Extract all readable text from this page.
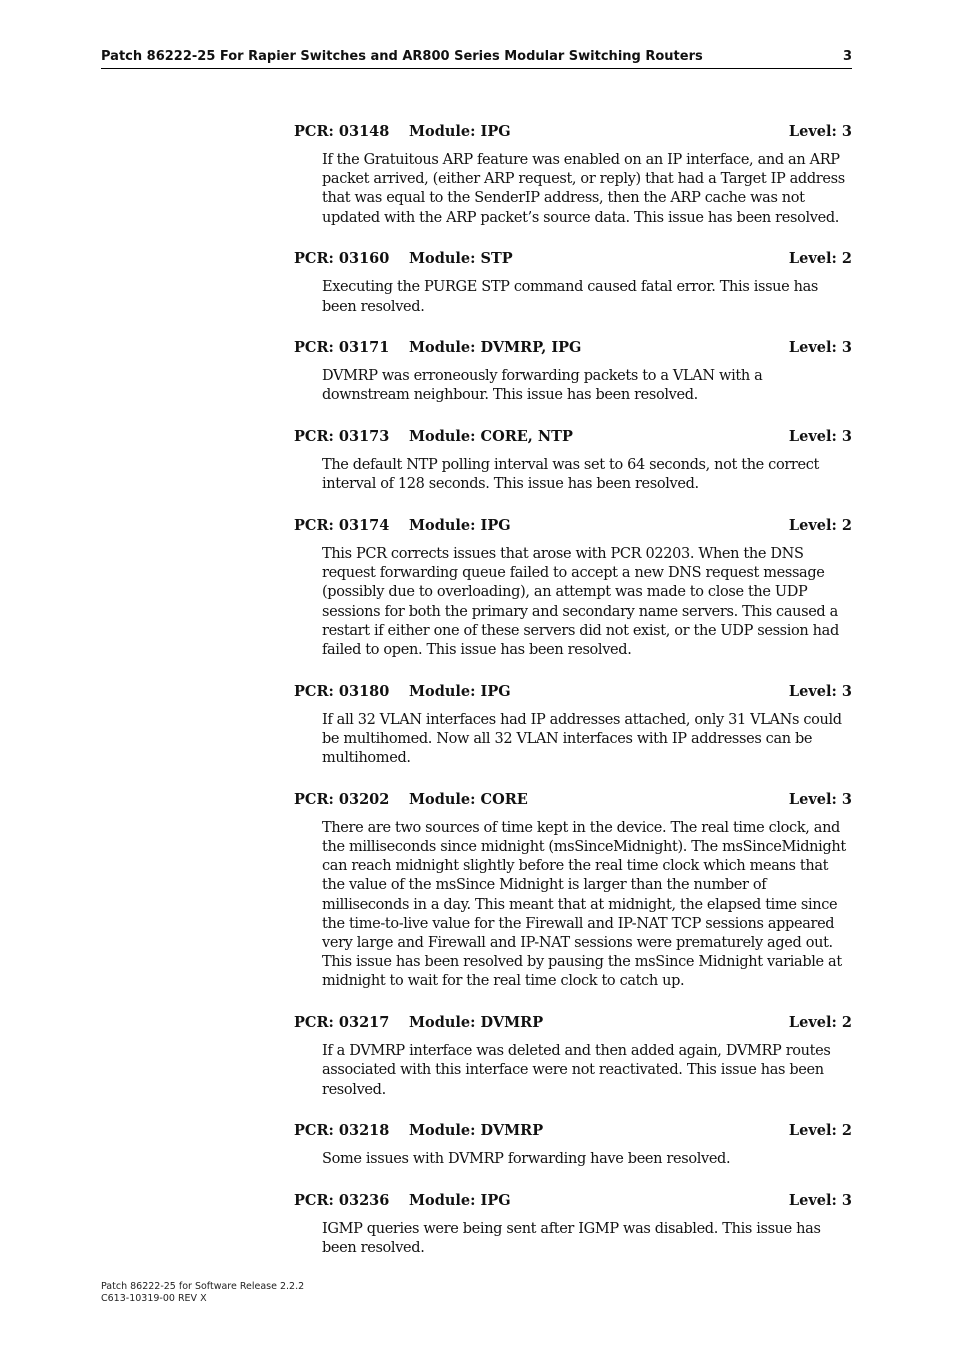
Patch 86222-25 For Rapier Switches and AR800 Series Modular Switching Routers	3
PCR: 03148 Module: IPG	Level: 3
If the Gratuitous ARP feature was enabled on an IP interface, and an ARP packet arrived, (either ARP request, or reply) that had a Target IP address that was equal to the SenderIP address, then the ARP cache was not updated with the ARP packet’s source data. This issue has been resolved.
PCR: 03160 Module: STP	Level: 2
Executing the PURGE STP command caused fatal error. This issue has been resolved.
PCR: 03171 Module: DVMRP, IPG	Level: 3
DVMRP was erroneously forwarding packets to a VLAN with a downstream neighbour. This issue has been resolved.
PCR: 03173 Module: CORE, NTP	Level: 3
The default NTP polling interval was set to 64 seconds, not the correct interval of 128 seconds. This issue has been resolved.
PCR: 03174 Module: IPG	Level: 2
This PCR corrects issues that arose with PCR 02203. When the DNS request forwarding queue failed to accept a new DNS request message (possibly due to overloading), an attempt was made to close the UDP sessions for both the primary and secondary name servers. This caused a restart if either one of these servers did not exist, or the UDP session had failed to open. This issue has been resolved.
PCR: 03180 Module: IPG	Level: 3
If all 32 VLAN interfaces had IP addresses attached, only 31 VLANs could be multihomed. Now all 32 VLAN interfaces with IP addresses can be multihomed.
PCR: 03202 Module: CORE	Level: 3
There are two sources of time kept in the device. The real time clock, and the milliseconds since midnight (msSinceMidnight). The msSinceMidnight can reach midnight slightly before the real time clock which means that the value of the msSince Midnight is larger than the number of milliseconds in a day. This meant that at midnight, the elapsed time since the time-to-live value for the Firewall and IP-NAT TCP sessions appeared very large and Firewall and IP-NAT sessions were prematurely aged out. This issue has been resolved by pausing the msSince Midnight variable at midnight to wait for the real time clock to catch up.
PCR: 03217 Module: DVMRP	Level: 2
If a DVMRP interface was deleted and then added again, DVMRP routes associated with this interface were not reactivated. This issue has been resolved.
PCR: 03218 Module: DVMRP	Level: 2
Some issues with DVMRP forwarding have been resolved.
PCR: 03236 Module: IPG	Level: 3
IGMP queries were being sent after IGMP was disabled. This issue has been resolved.
Patch 86222-25 for Software Release 2.2.2
C613-10319-00 REV X
